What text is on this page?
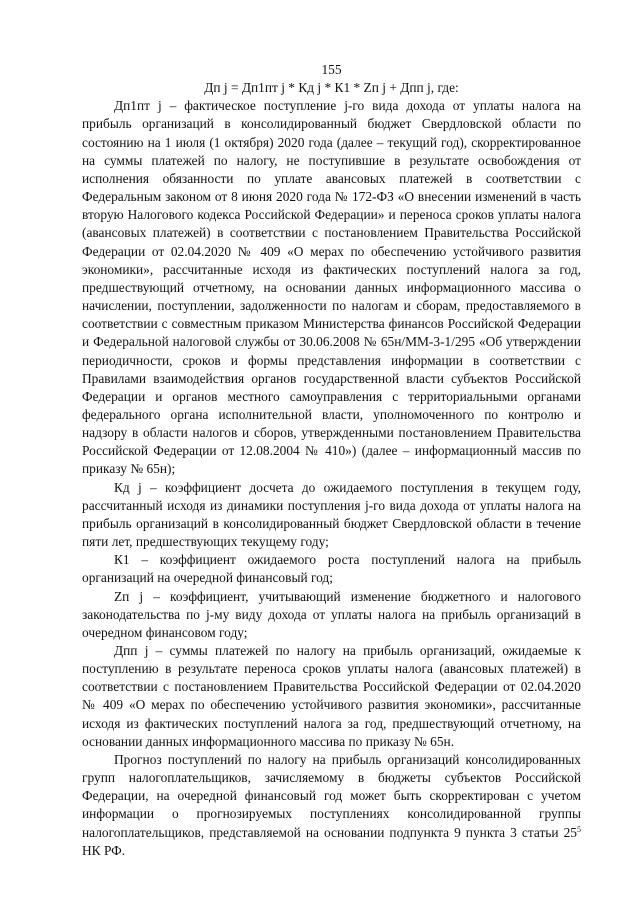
155

Дп j = Дп1пт j * Кд j * К1 * Zп j + Дпп j, где:

Дп1пт j – фактическое поступление j-го вида дохода от уплаты налога на прибыль организаций в консолидированный бюджет Свердловской области по состоянию на 1 июля (1 октября) 2020 года (далее – текущий год), скорректированное на суммы платежей по налогу, не поступившие в результате освобождения от исполнения обязанности по уплате авансовых платежей в соответствии с Федеральным законом от 8 июня 2020 года № 172-ФЗ «О внесении изменений в часть вторую Налогового кодекса Российской Федерации» и переноса сроков уплаты налога (авансовых платежей) в соответствии с постановлением Правительства Российской Федерации от 02.04.2020 № 409 «О мерах по обеспечению устойчивого развития экономики», рассчитанные исходя из фактических поступлений налога за год, предшествующий отчетному, на основании данных информационного массива о начислении, поступлении, задолженности по налогам и сборам, предоставляемого в соответствии с совместным приказом Министерства финансов Российской Федерации и Федеральной налоговой службы от 30.06.2008 № 65н/ММ-3-1/295 «Об утверждении периодичности, сроков и формы представления информации в соответствии с Правилами взаимодействия органов государственной власти субъектов Российской Федерации и органов местного самоуправления с территориальными органами федерального органа исполнительной власти, уполномоченного по контролю и надзору в области налогов и сборов, утвержденными постановлением Правительства Российской Федерации от 12.08.2004 № 410») (далее – информационный массив по приказу № 65н);

Кд j – коэффициент досчета до ожидаемого поступления в текущем году, рассчитанный исходя из динамики поступления j-го вида дохода от уплаты налога на прибыль организаций в консолидированный бюджет Свердловской области в течение пяти лет, предшествующих текущему году;

К1 – коэффициент ожидаемого роста поступлений налога на прибыль организаций на очередной финансовый год;

Zп j – коэффициент, учитывающий изменение бюджетного и налогового законодательства по j-му виду дохода от уплаты налога на прибыль организаций в очередном финансовом году;

Дпп j – суммы платежей по налогу на прибыль организаций, ожидаемые к поступлению в результате переноса сроков уплаты налога (авансовых платежей) в соответствии с постановлением Правительства Российской Федерации от 02.04.2020 № 409 «О мерах по обеспечению устойчивого развития экономики», рассчитанные исходя из фактических поступлений налога за год, предшествующий отчетному, на основании данных информационного массива по приказу № 65н.

Прогноз поступлений по налогу на прибыль организаций консолидированных групп налогоплательщиков, зачисляемому в бюджеты субъектов Российской Федерации, на очередной финансовый год может быть скорректирован с учетом информации о прогнозируемых поступлениях консолидированной группы налогоплательщиков, представляемой на основании подпункта 9 пункта 3 статьи $25^5$ НК РФ.
